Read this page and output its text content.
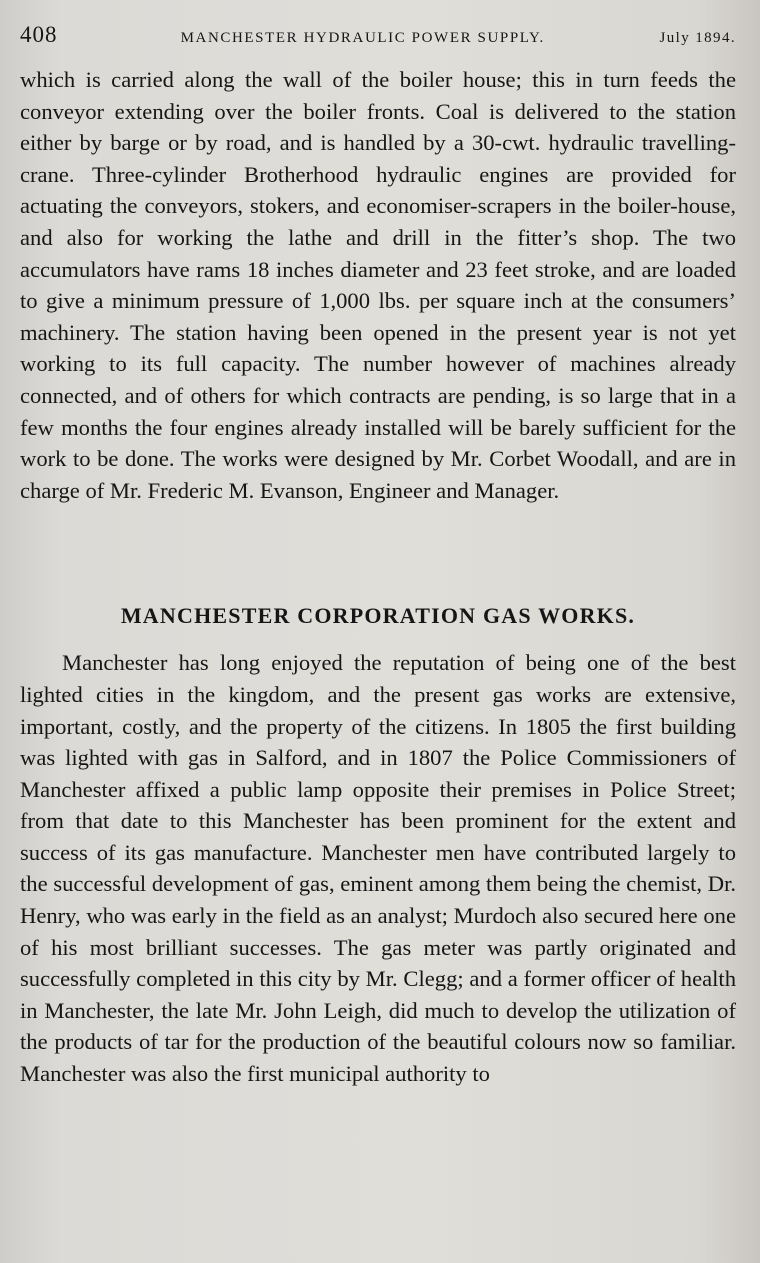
408	MANCHESTER HYDRAULIC POWER SUPPLY.	July 1894.

which is carried along the wall of the boiler house; this in turn feeds the conveyor extending over the boiler fronts. Coal is delivered to the station either by barge or by road, and is handled by a 30-cwt. hydraulic travelling-crane. Three-cylinder Brotherhood hydraulic engines are provided for actuating the conveyors, stokers, and economiser-scrapers in the boiler-house, and also for working the lathe and drill in the fitter’s shop. The two accumulators have rams 18 inches diameter and 23 feet stroke, and are loaded to give a minimum pressure of 1,000 lbs. per square inch at the consumers’ machinery. The station having been opened in the present year is not yet working to its full capacity. The number however of machines already connected, and of others for which contracts are pending, is so large that in a few months the four engines already installed will be barely sufficient for the work to be done. The works were designed by Mr. Corbet Woodall, and are in charge of Mr. Frederic M. Evanson, Engineer and Manager.

MANCHESTER CORPORATION GAS WORKS.

Manchester has long enjoyed the reputation of being one of the best lighted cities in the kingdom, and the present gas works are extensive, important, costly, and the property of the citizens. In 1805 the first building was lighted with gas in Salford, and in 1807 the Police Commissioners of Manchester affixed a public lamp opposite their premises in Police Street; from that date to this Manchester has been prominent for the extent and success of its gas manufacture. Manchester men have contributed largely to the successful development of gas, eminent among them being the chemist, Dr. Henry, who was early in the field as an analyst; Murdoch also secured here one of his most brilliant successes. The gas meter was partly originated and successfully completed in this city by Mr. Clegg; and a former officer of health in Manchester, the late Mr. John Leigh, did much to develop the utilization of the products of tar for the production of the beautiful colours now so familiar. Manchester was also the first municipal authority to
